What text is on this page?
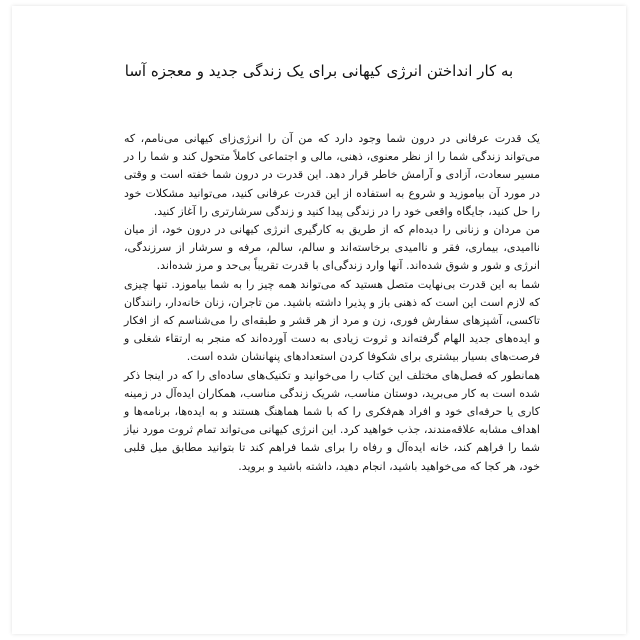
به کار انداختن انرژی کیهانی برای یک زندگی جدید و معجزه آسا

یک قدرت عرفانی در درون شما وجود دارد که من آن را انرژی‌زای کیهانی می‌نامم، که می‌تواند زندگی شما را از نظر معنوی، ذهنی، مالی و اجتماعی کاملاً متحول کند و شما را در مسیر سعادت، آزادی و آرامش خاطر قرار دهد. این قدرت در درون شما خفته است و وقتی در مورد آن بیاموزید و شروع به استفاده از این قدرت عرفانی کنید، می‌توانید مشکلات خود را حل کنید، جایگاه واقعی خود را در زندگی پیدا کنید و زندگی سرشارتری را آغاز کنید.

من مردان و زنانی را دیده‌ام که از طریق به کارگیری انرژی کیهانی در درون خود، از میان ناامیدی، بیماری، فقر و ناامیدی برخاسته‌اند و سالم، سالم، مرفه و سرشار از سرزندگی، انرژی و شور و شوق شده‌اند. آنها وارد زندگی‌ای با قدرت تقریباً بی‌حد و مرز شده‌اند.

شما به این قدرت بی‌نهایت متصل هستید که می‌تواند همه چیز را به شما بیاموزد. تنها چیزی که لازم است این است که ذهنی باز و پذیرا داشته باشید. من تاجران، زنان خانه‌دار، رانندگان تاکسی، آشپزهای سفارش فوری، زن و مرد از هر قشر و طبقه‌ای را می‌شناسم که از افکار و ایده‌های جدید الهام گرفته‌اند و ثروت زیادی به دست آورده‌اند که منجر به ارتقاء شغلی و فرصت‌های بسیار بیشتری برای شکوفا کردن استعدادهای پنهانشان شده است.

همانطور که فصل‌های مختلف این کتاب را می‌خوانید و تکنیک‌های ساده‌ای را که در اینجا ذکر شده است به کار می‌برید، دوستان مناسب، شریک زندگی مناسب، همکاران ایده‌آل در زمینه کاری یا حرفه‌ای خود و افراد هم‌فکری را که با شما هماهنگ هستند و به ایده‌ها، برنامه‌ها و اهداف مشابه علاقه‌مندند، جذب خواهید کرد. این انرژی کیهانی می‌تواند تمام ثروت مورد نیاز شما را فراهم کند، خانه ایده‌آل و رفاه را برای شما فراهم کند تا بتوانید مطابق میل قلبی خود، هر کجا که می‌خواهید باشید، انجام دهید، داشته باشید و بروید.
